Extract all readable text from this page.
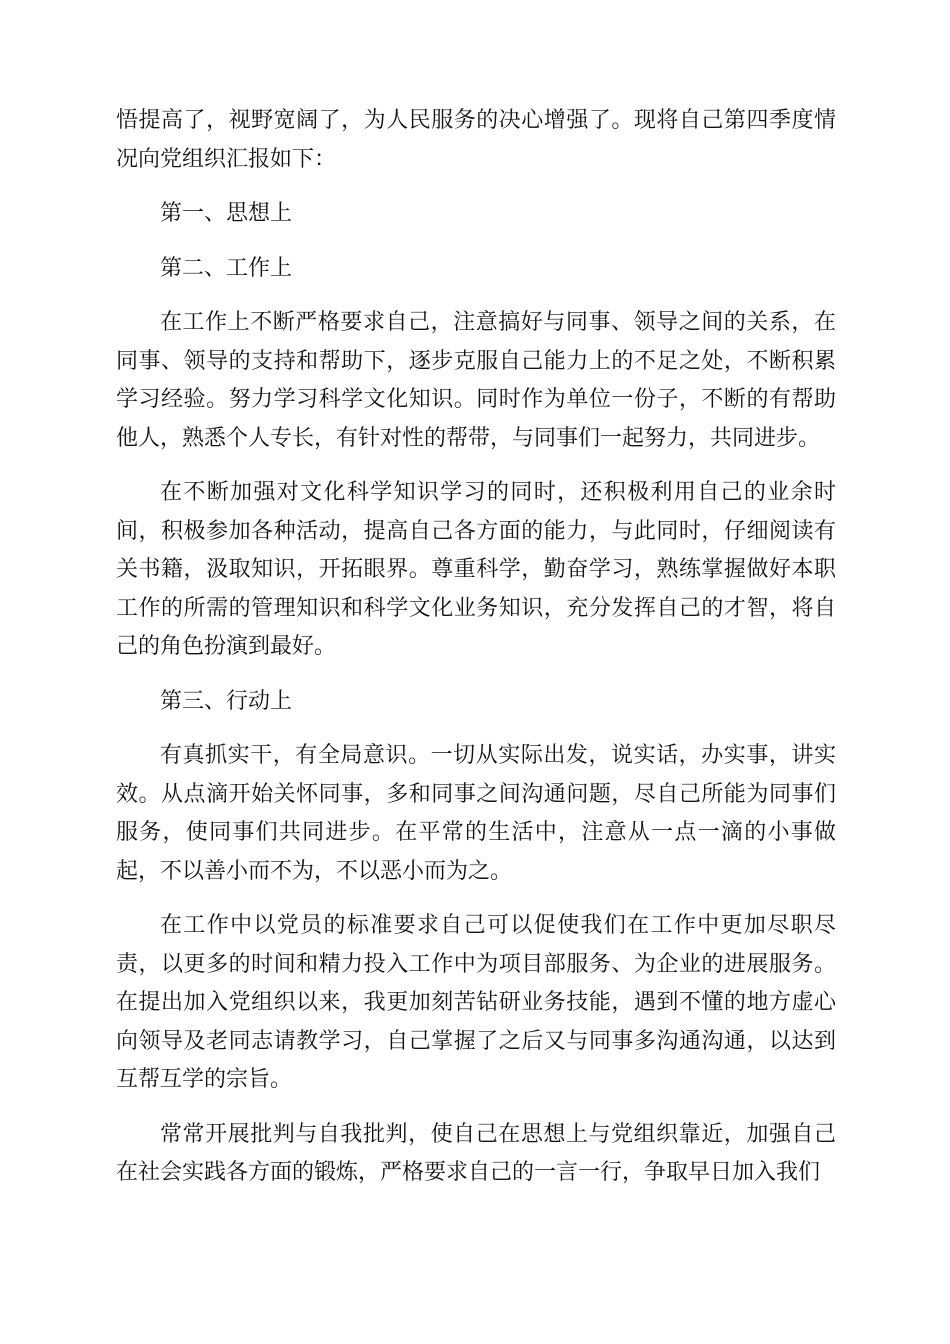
悟提高了，视野宽阔了，为人民服务的决心增强了。现将自己第四季度情况向党组织汇报如下：

第一、思想上

第二、工作上

在工作上不断严格要求自己，注意搞好与同事、领导之间的关系，在同事、领导的支持和帮助下，逐步克服自己能力上的不足之处，不断积累学习经验。努力学习科学文化知识。同时作为单位一份子，不断的有帮助他人，熟悉个人专长，有针对性的帮带，与同事们一起努力，共同进步。

在不断加强对文化科学知识学习的同时，还积极利用自己的业余时间，积极参加各种活动，提高自己各方面的能力，与此同时，仔细阅读有关书籍，汲取知识，开拓眼界。尊重科学，勤奋学习，熟练掌握做好本职工作的所需的管理知识和科学文化业务知识，充分发挥自己的才智，将自己的角色扮演到最好。

第三、行动上

有真抓实干，有全局意识。一切从实际出发，说实话，办实事，讲实效。从点滴开始关怀同事，多和同事之间沟通问题，尽自己所能为同事们服务，使同事们共同进步。在平常的生活中，注意从一点一滴的小事做起，不以善小而不为，不以恶小而为之。

在工作中以党员的标准要求自己可以促使我们在工作中更加尽职尽责，以更多的时间和精力投入工作中为项目部服务、为企业的进展服务。在提出加入党组织以来，我更加刻苦钻研业务技能，遇到不懂的地方虚心向领导及老同志请教学习，自己掌握了之后又与同事多沟通沟通，以达到互帮互学的宗旨。

常常开展批判与自我批判，使自己在思想上与党组织靠近，加强自己在社会实践各方面的锻炼，严格要求自己的一言一行，争取早日加入我们
